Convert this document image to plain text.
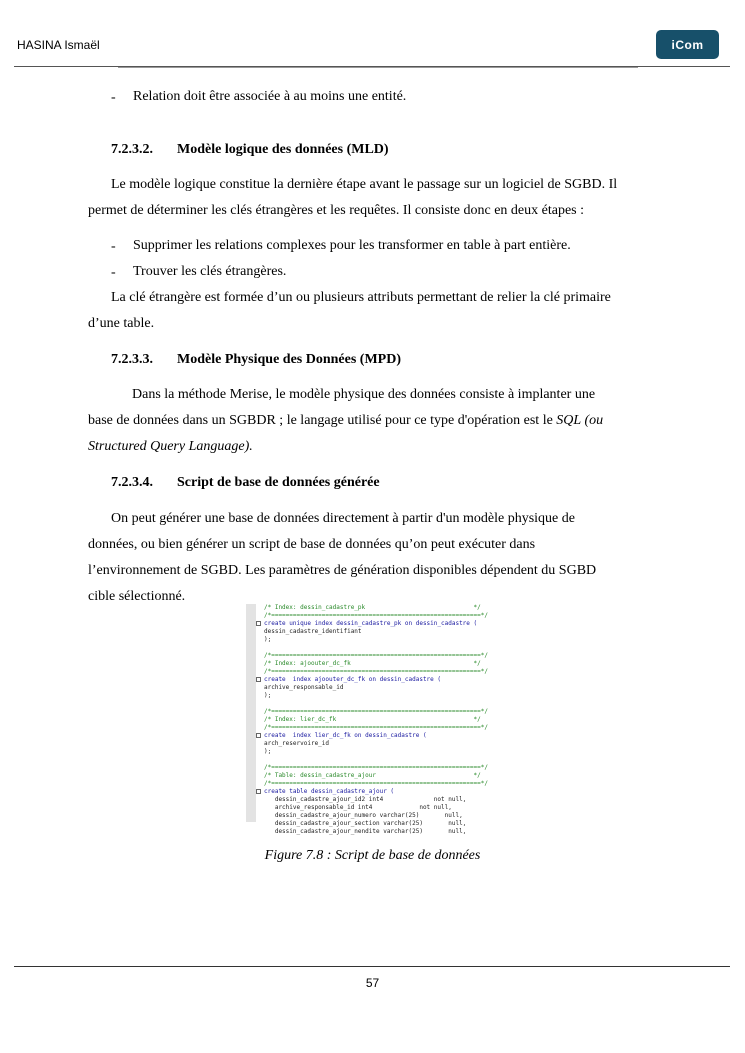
HASINA Ismaël	iCom
- Relation doit être associée à au moins une entité.
7.2.3.2. Modèle logique des données (MLD)
Le modèle logique constitue la dernière étape avant le passage sur un logiciel de SGBD. Il
permet de déterminer les clés étrangères et les requêtes. Il consiste donc en deux étapes :
- Supprimer les relations complexes pour les transformer en table à part entière.
- Trouver les clés étrangères.
La clé étrangère est formée d’un ou plusieurs attributs permettant de relier la clé primaire
d’une table.
7.2.3.3. Modèle Physique des Données (MPD)
Dans la méthode Merise, le modèle physique des données consiste à implanter une
base de données dans un SGBDR ; le langage utilisé pour ce type d'opération est le SQL (ou
Structured Query Language).
7.2.3.4. Script de base de données générée
On peut générer une base de données directement à partir d'un modèle physique de
données, ou bien générer un script de base de données qu’on peut exécuter dans
l’environnement de SGBD. Les paramètres de génération disponibles dépendent du SGBD
cible sélectionné.
/* Index: dessin_cadastre_pk                              */
/*==========================================================*/
create unique index dessin_cadastre_pk on dessin_cadastre (
dessin_cadastre_identifiant
);
/*==========================================================*/
/* Index: ajoouter_dc_fk                                  */
/*==========================================================*/
create  index ajoouter_dc_fk on dessin_cadastre (
archive_responsable_id
);
/*==========================================================*/
/* Index: lier_dc_fk                                      */
/*==========================================================*/
create  index lier_dc_fk on dessin_cadastre (
arch_reservoire_id
);
/*==========================================================*/
/* Table: dessin_cadastre_ajour                           */
/*==========================================================*/
create table dessin_cadastre_ajour (
dessin_cadastre_ajour_id2 int4              not null,
archive_responsable_id int4             not null,
dessin_cadastre_ajour_numero varchar(25)       null,
dessin_cadastre_ajour_section varchar(25)       null,
dessin_cadastre_ajour_nendite varchar(25)       null,
Figure 7.8 : Script de base de données
57
